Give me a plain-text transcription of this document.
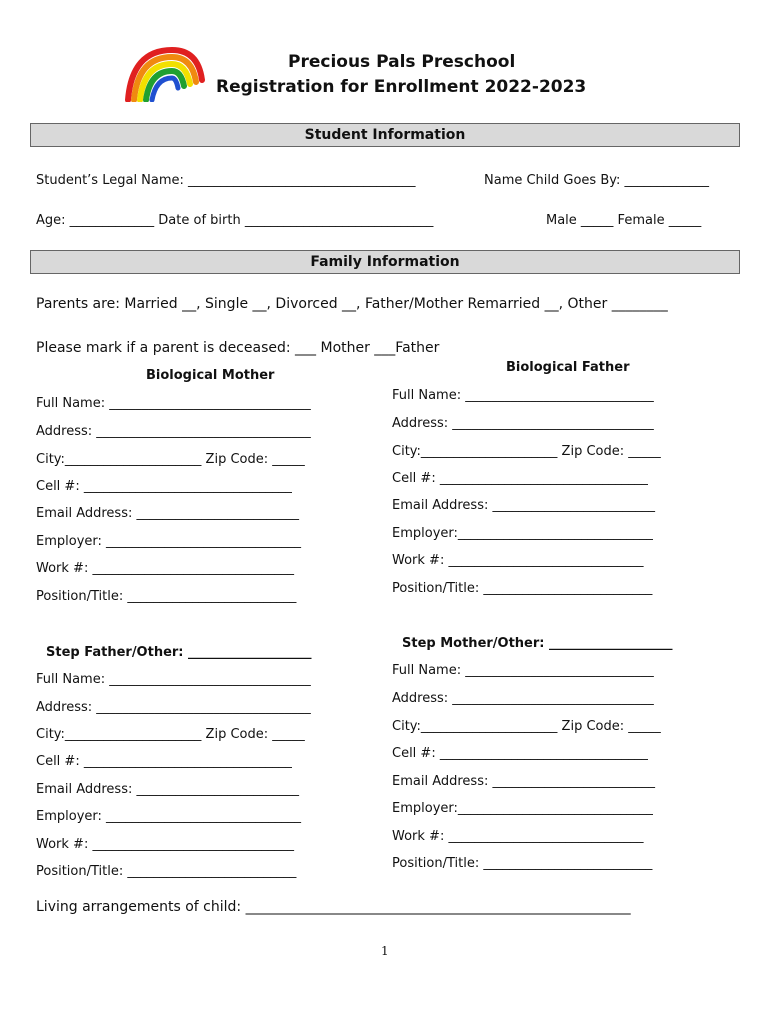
Precious Pals Preschool
Registration for Enrollment 2022-2023
Student Information
Student’s Legal Name: ___________________________________	Name Child Goes By: _____________
Age: _____________ Date of birth _____________________________	Male _____ Female _____
Family Information
Parents are: Married __, Single __, Divorced __, Father/Mother Remarried __, Other ________
Please mark if a parent is deceased: ___ Mother ___Father
Biological Mother
Full Name: _______________________________
Address: _________________________________
City:_____________________ Zip Code: _____
Cell #: ________________________________
Email Address: _________________________
Employer: ______________________________
Work #: _______________________________
Position/Title: __________________________
Biological Father
Full Name: _____________________________
Address: _______________________________
City:_____________________ Zip Code: _____
Cell #: ________________________________
Email Address: _________________________
Employer:______________________________
Work #: ______________________________
Position/Title: __________________________
Step Father/Other: ___________________
Full Name: _______________________________
Address: _________________________________
City:_____________________ Zip Code: _____
Cell #: ________________________________
Email Address: _________________________
Employer: ______________________________
Work #: _______________________________
Position/Title: __________________________
Step Mother/Other: ___________________
Full Name: _____________________________
Address: _______________________________
City:_____________________ Zip Code: _____
Cell #: ________________________________
Email Address: _________________________
Employer:______________________________
Work #: ______________________________
Position/Title: __________________________
Living arrangements of child: _______________________________________________________
1
